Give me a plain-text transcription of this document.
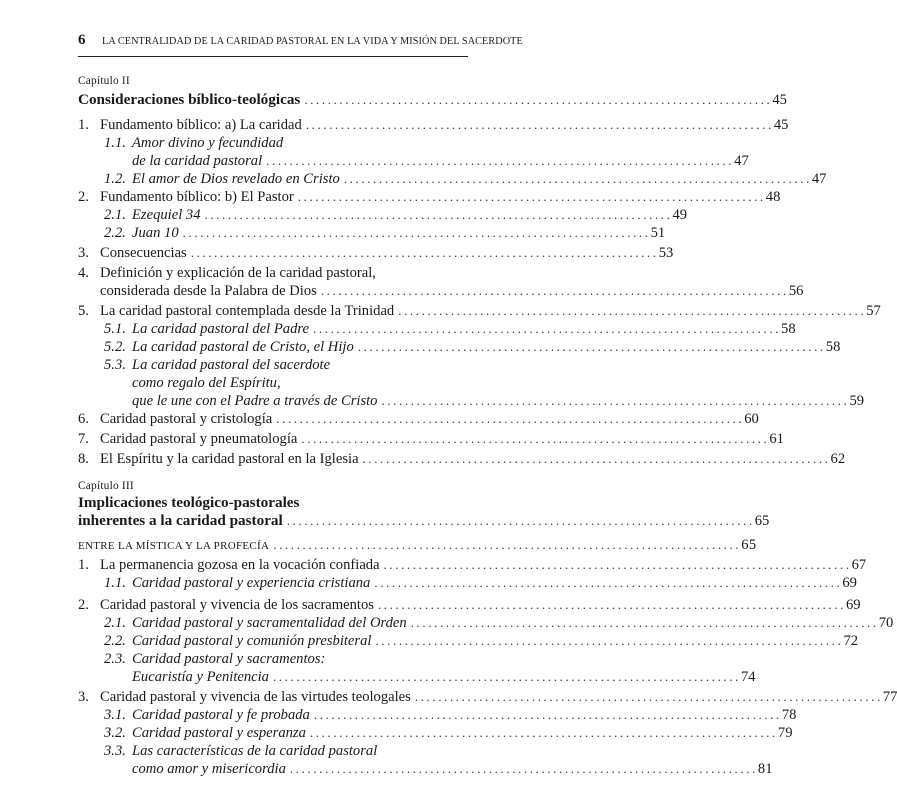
6 LA CENTRALIDAD DE LA CARIDAD PASTORAL EN LA VIDA Y MISIÓN DEL SACERDOTE
Capítulo II
Consideraciones bíblico-teológicas ................................................................................ 45
1. Fundamento bíblico: a) La caridad ................................................................................ 45
1.1. Amor divino y fecundidad
de la caridad pastoral ................................................................................ 47
1.2. El amor de Dios revelado en Cristo ................................................................................ 47
2. Fundamento bíblico: b) El Pastor ................................................................................ 48
2.1. Ezequiel 34 ................................................................................ 49
2.2. Juan 10 ................................................................................ 51
3. Consecuencias ................................................................................ 53
4. Definición y explicación de la caridad pastoral,
considerada desde la Palabra de Dios ................................................................................ 56
5. La caridad pastoral contemplada desde la Trinidad ................................................................................ 57
5.1. La caridad pastoral del Padre ................................................................................ 58
5.2. La caridad pastoral de Cristo, el Hijo ................................................................................ 58
5.3. La caridad pastoral del sacerdote
como regalo del Espíritu,
que le une con el Padre a través de Cristo ................................................................................ 59
6. Caridad pastoral y cristología ................................................................................ 60
7. Caridad pastoral y pneumatología ................................................................................ 61
8. El Espíritu y la caridad pastoral en la Iglesia ................................................................................ 62
Capítulo III
Implicaciones teológico-pastorales
inherentes a la caridad pastoral ................................................................................ 65
ENTRE LA MÍSTICA Y LA PROFECÍA ................................................................................ 65
1. La permanencia gozosa en la vocación confiada ................................................................................ 67
1.1. Caridad pastoral y experiencia cristiana ................................................................................ 69
2. Caridad pastoral y vivencia de los sacramentos ................................................................................ 69
2.1. Caridad pastoral y sacramentalidad del Orden ................................................................................ 70
2.2. Caridad pastoral y comunión presbiteral ................................................................................ 72
2.3. Caridad pastoral y sacramentos:
Eucaristía y Penitencia ................................................................................ 74
3. Caridad pastoral y vivencia de las virtudes teologales ................................................................................ 77
3.1. Caridad pastoral y fe probada ................................................................................ 78
3.2. Caridad pastoral y esperanza ................................................................................ 79
3.3. Las características de la caridad pastoral
como amor y misericordia ................................................................................ 81
